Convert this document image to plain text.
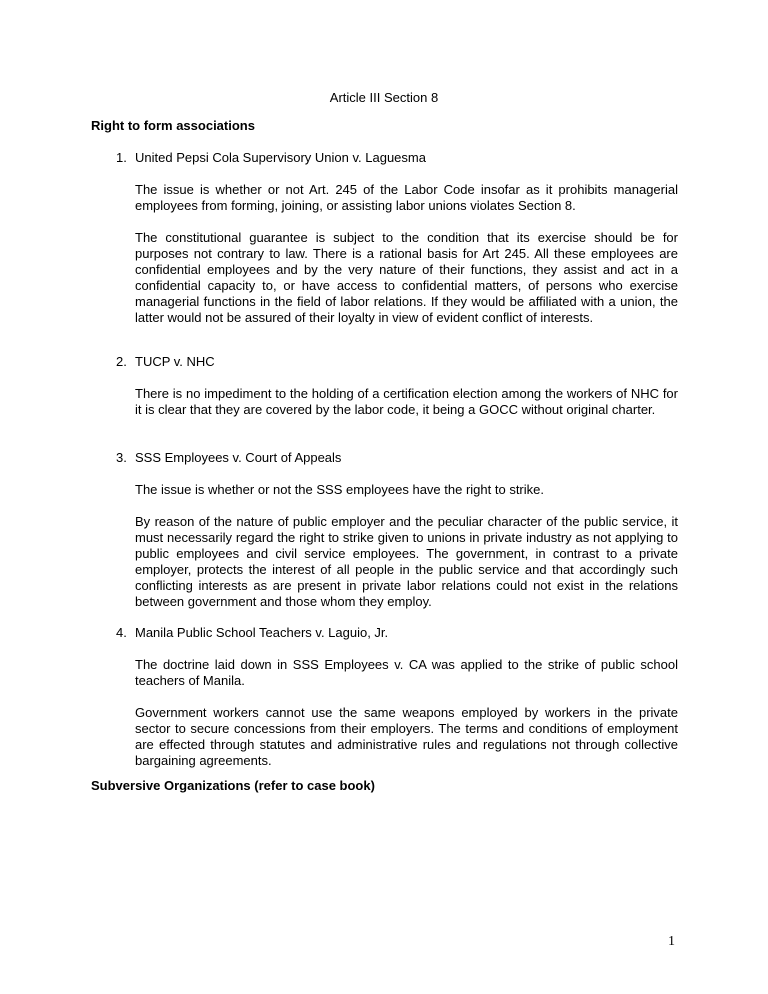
Article III Section 8
Right to form associations
1. United Pepsi Cola Supervisory Union v. Laguesma

The issue is whether or not Art. 245 of the Labor Code insofar as it prohibits managerial employees from forming, joining, or assisting labor unions violates Section 8.

The constitutional guarantee is subject to the condition that its exercise should be for purposes not contrary to law. There is a rational basis for Art 245. All these employees are confidential employees and by the very nature of their functions, they assist and act in a confidential capacity to, or have access to confidential matters, of persons who exercise managerial functions in the field of labor relations. If they would be affiliated with a union, the latter would not be assured of their loyalty in view of evident conflict of interests.

2. TUCP v. NHC

There is no impediment to the holding of a certification election among the workers of NHC for it is clear that they are covered by the labor code, it being a GOCC without original charter.

3. SSS Employees v. Court of Appeals

The issue is whether or not the SSS employees have the right to strike.

By reason of the nature of public employer and the peculiar character of the public service, it must necessarily regard the right to strike given to unions in private industry as not applying to public employees and civil service employees. The government, in contrast to a private employer, protects the interest of all people in the public service and that accordingly such conflicting interests as are present in private labor relations could not exist in the relations between government and those whom they employ.

4. Manila Public School Teachers v. Laguio, Jr.

The doctrine laid down in SSS Employees v. CA was applied to the strike of public school teachers of Manila.

Government workers cannot use the same weapons employed by workers in the private sector to secure concessions from their employers. The terms and conditions of employment are effected through statutes and administrative rules and regulations not through collective bargaining agreements.

Subversive Organizations (refer to case book)
1
